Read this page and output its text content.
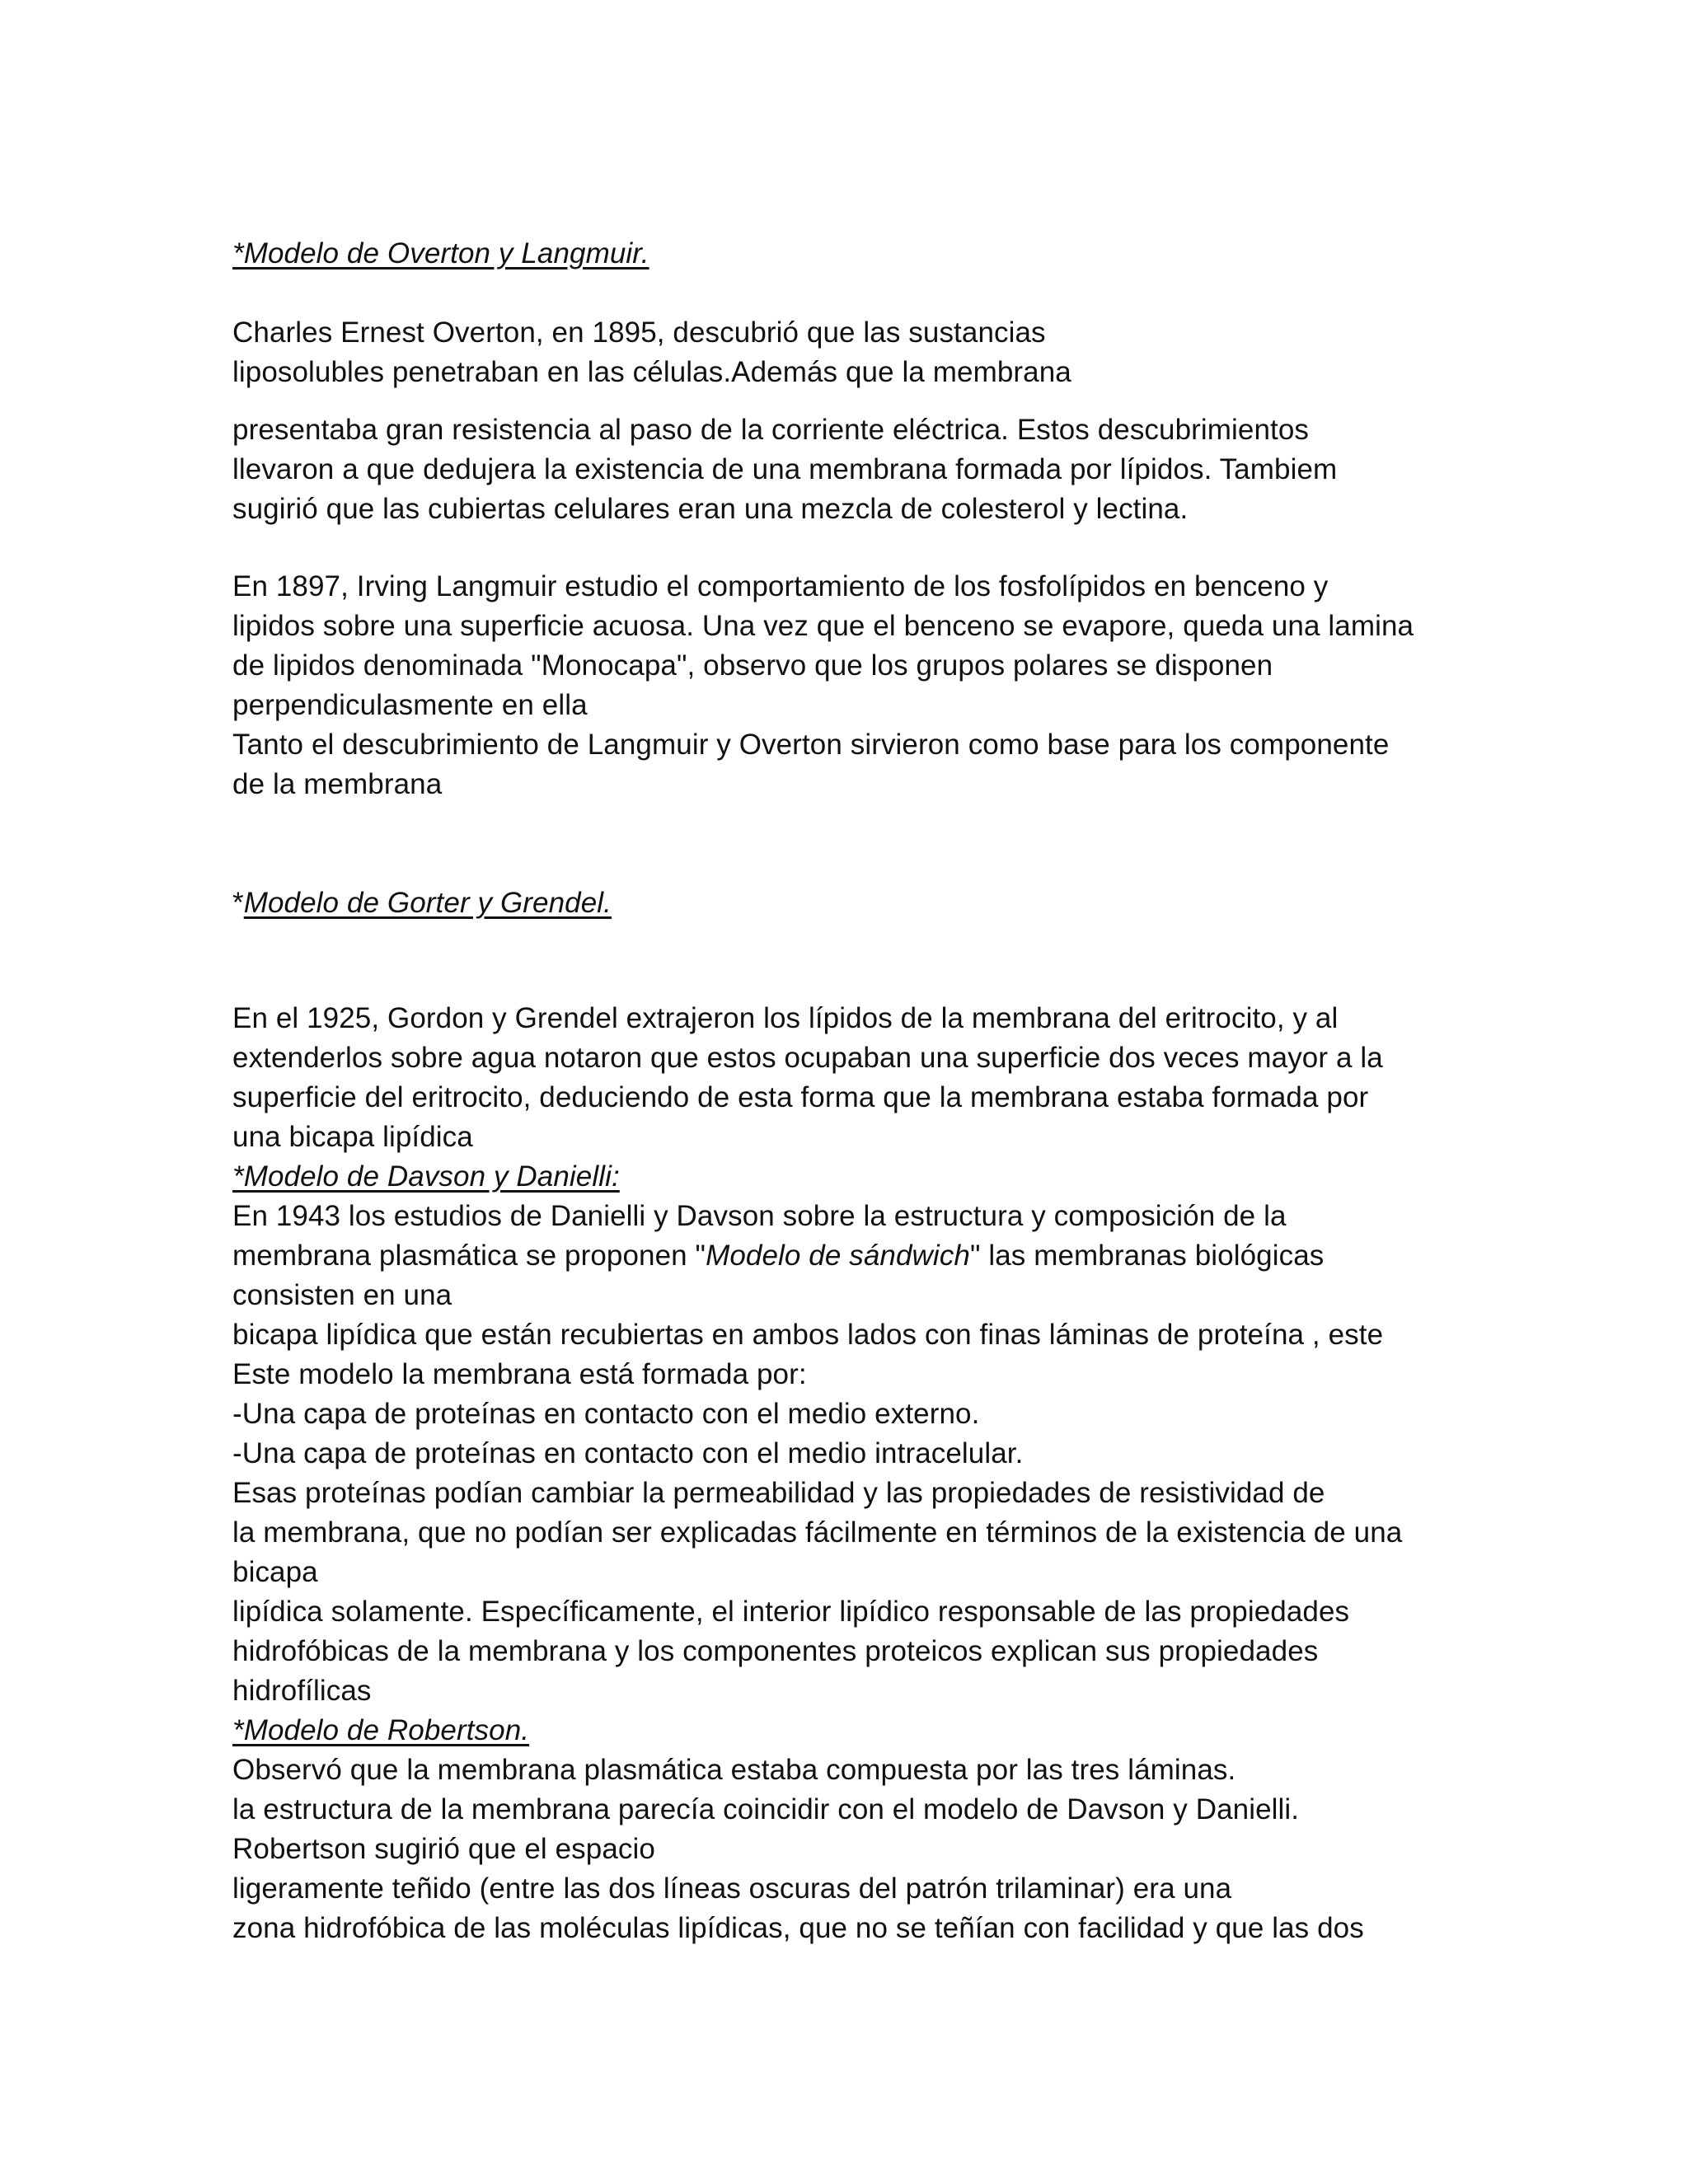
*Modelo de Overton y Langmuir.
Charles Ernest Overton, en 1895, descubrió que las sustancias
liposolubles penetraban en las células.Además que la membrana
presentaba gran resistencia al paso de la corriente eléctrica. Estos descubrimientos
llevaron a que dedujera la existencia de una membrana formada por lípidos. Tambiem
sugirió que las cubiertas celulares eran una mezcla de colesterol y lectina.
En 1897, Irving Langmuir estudio el comportamiento de los fosfolípidos en benceno y
lipidos sobre una superficie acuosa. Una vez que el benceno se evapore, queda una lamina
de lipidos denominada "Monocapa", observo que los grupos polares se disponen
perpendiculasmente en ella
Tanto el descubrimiento de Langmuir y Overton sirvieron como base para los componente
de la membrana
*Modelo de Gorter y Grendel.
En el 1925, Gordon y Grendel extrajeron los lípidos de la membrana del eritrocito, y al
extenderlos sobre agua notaron que estos ocupaban una superficie dos veces mayor a la
superficie del eritrocito, deduciendo de esta forma que la membrana estaba formada por
una bicapa lipídica
*Modelo de Davson y Danielli:
En 1943 los estudios de Danielli y Davson sobre la estructura y composición de la
membrana plasmática se proponen "Modelo de sándwich" las membranas biológicas
consisten en una
bicapa lipídica que están recubiertas en ambos lados con finas láminas de proteína , este
Este modelo la membrana está formada por:
-Una capa de proteínas en contacto con el medio externo.
-Una capa de proteínas en contacto con el medio intracelular.
Esas proteínas podían cambiar la permeabilidad y las propiedades de resistividad de
la membrana, que no podían ser explicadas fácilmente en términos de la existencia de una
bicapa
lipídica solamente. Específicamente, el interior lipídico responsable de las propiedades
hidrofóbicas de la membrana y los componentes proteicos explican sus propiedades
hidrofílicas
*Modelo de Robertson.
Observó que la membrana plasmática estaba compuesta por las tres láminas.
la estructura de la membrana parecía coincidir con el modelo de Davson y Danielli.
Robertson sugirió que el espacio
ligeramente teñido (entre las dos líneas oscuras del patrón trilaminar) era una
zona hidrofóbica de las moléculas lipídicas, que no se teñían con facilidad y que las dos
